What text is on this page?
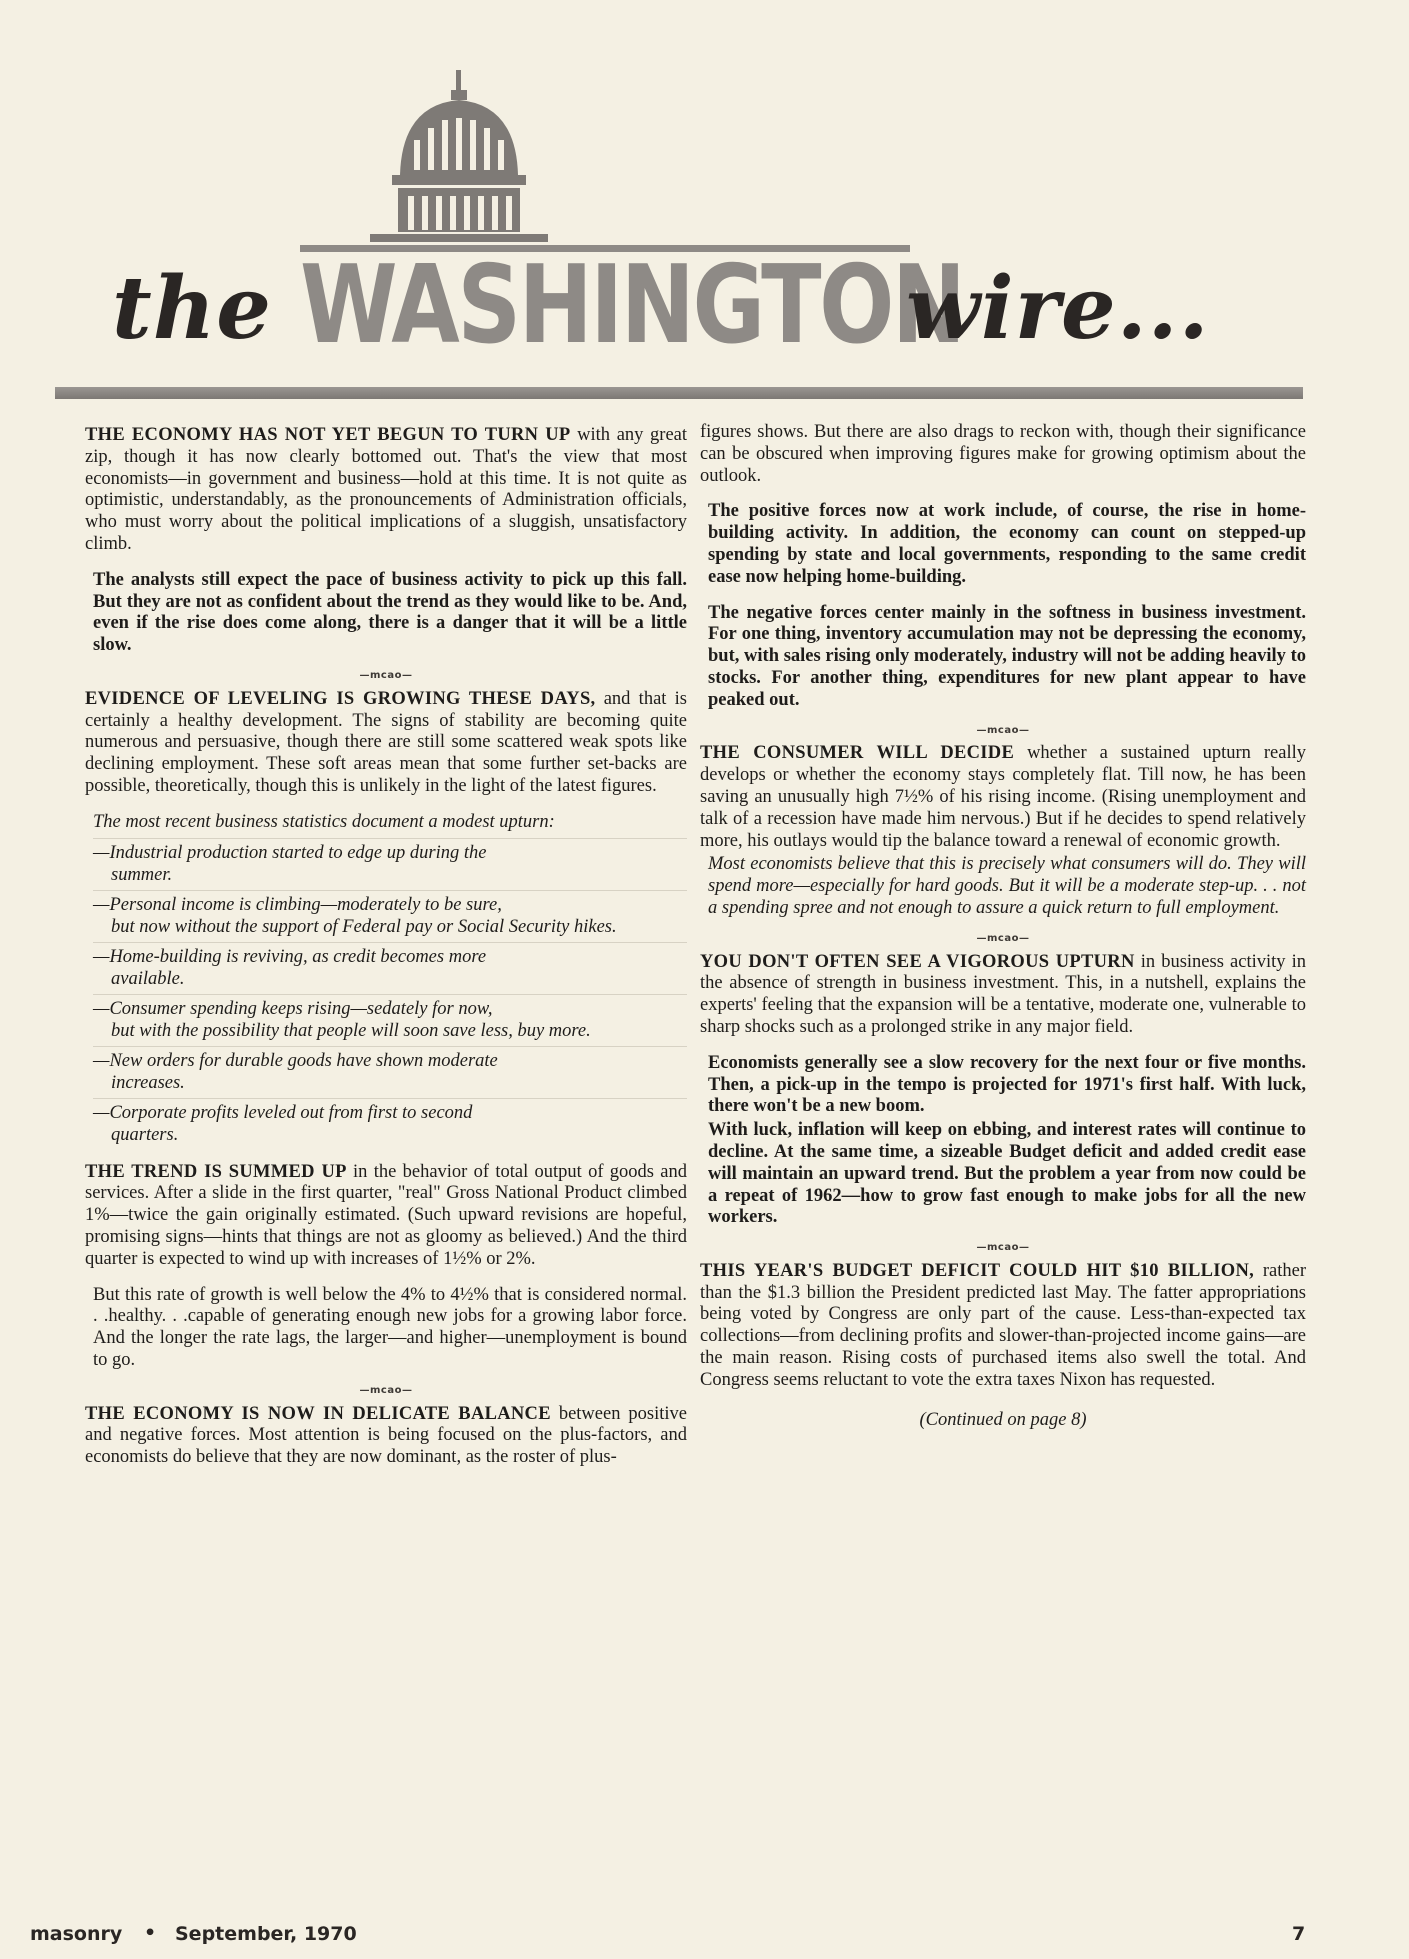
WASHINGTON
the	wire...

THE ECONOMY HAS NOT YET BEGUN TO TURN UP with any great zip, though it has now clearly bottomed out. That's the view that most economists—in government and business—hold at this time. It is not quite as optimistic, understandably, as the pronouncements of Administration officials, who must worry about the political implications of a sluggish, unsatisfactory climb.

The analysts still expect the pace of business activity to pick up this fall. But they are not as confident about the trend as they would like to be. And, even if the rise does come along, there is a danger that it will be a little slow.

—mcao—

EVIDENCE OF LEVELING IS GROWING THESE DAYS, and that is certainly a healthy development. The signs of stability are becoming quite numerous and persuasive, though there are still some scattered weak spots like declining employment. These soft areas mean that some further set-backs are possible, theoretically, though this is unlikely in the light of the latest figures.

The most recent business statistics document a modest upturn:

—Industrial production started to edge up during the
summer.
—Personal income is climbing—moderately to be sure,
but now without the support of Federal pay or Social Security hikes.
—Home-building is reviving, as credit becomes more
available.
—Consumer spending keeps rising—sedately for now,
but with the possibility that people will soon save less, buy more.
—New orders for durable goods have shown moderate
increases.
—Corporate profits leveled out from first to second
quarters.

THE TREND IS SUMMED UP in the behavior of total output of goods and services. After a slide in the first quarter, "real" Gross National Product climbed 1%—twice the gain originally estimated. (Such upward revisions are hopeful, promising signs—hints that things are not as gloomy as believed.) And the third quarter is expected to wind up with increases of 1½% or 2%.

But this rate of growth is well below the 4% to 4½% that is considered normal. . .healthy. . .capable of generating enough new jobs for a growing labor force. And the longer the rate lags, the larger—and higher—unemployment is bound to go.

—mcao—

THE ECONOMY IS NOW IN DELICATE BALANCE between positive and negative forces. Most attention is being focused on the plus-factors, and economists do believe that they are now dominant, as the roster of plus-

figures shows. But there are also drags to reckon with, though their significance can be obscured when improving figures make for growing optimism about the outlook.

The positive forces now at work include, of course, the rise in home-building activity. In addition, the economy can count on stepped-up spending by state and local governments, responding to the same credit ease now helping home-building.

The negative forces center mainly in the softness in business investment. For one thing, inventory accumulation may not be depressing the economy, but, with sales rising only moderately, industry will not be adding heavily to stocks. For another thing, expenditures for new plant appear to have peaked out.

—mcao—

THE CONSUMER WILL DECIDE whether a sustained upturn really develops or whether the economy stays completely flat. Till now, he has been saving an unusually high 7½% of his rising income. (Rising unemployment and talk of a recession have made him nervous.) But if he decides to spend relatively more, his outlays would tip the balance toward a renewal of economic growth.

Most economists believe that this is precisely what consumers will do. They will spend more—especially for hard goods. But it will be a moderate step-up. . . not a spending spree and not enough to assure a quick return to full employment.

—mcao—

YOU DON'T OFTEN SEE A VIGOROUS UPTURN in business activity in the absence of strength in business investment. This, in a nutshell, explains the experts' feeling that the expansion will be a tentative, moderate one, vulnerable to sharp shocks such as a prolonged strike in any major field.

Economists generally see a slow recovery for the next four or five months. Then, a pick-up in the tempo is projected for 1971's first half. With luck, there won't be a new boom.

With luck, inflation will keep on ebbing, and interest rates will continue to decline. At the same time, a sizeable Budget deficit and added credit ease will maintain an upward trend. But the problem a year from now could be a repeat of 1962—how to grow fast enough to make jobs for all the new workers.

—mcao—

THIS YEAR'S BUDGET DEFICIT COULD HIT $10 BILLION, rather than the $1.3 billion the President predicted last May. The fatter appropriations being voted by Congress are only part of the cause. Less-than-expected tax collections—from declining profits and slower-than-projected income gains—are the main reason. Rising costs of purchased items also swell the total. And Congress seems reluctant to vote the extra taxes Nixon has requested.

(Continued on page 8)
masonry • September, 1970	7
